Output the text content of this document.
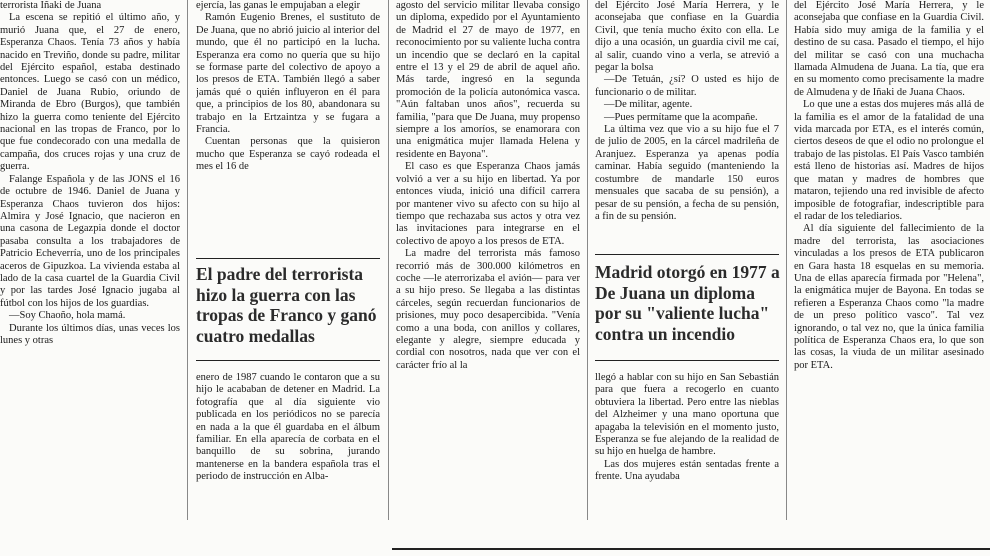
terrorista Iñaki de Juana

La escena se repitió el último año, y murió Juana que, el 27 de enero, Esperanza Chaos. Tenía 73 años y había nacido en Treviño, donde su padre, militar del Ejército español, estaba destinado entonces. Luego se casó con un médico, Daniel de Juana Rubio, oriundo de Miranda de Ebro (Burgos), que también hizo la guerra como teniente del Ejército nacional en las tropas de Franco, por lo que fue condecorado con una medalla de campaña, dos cruces rojas y una cruz de guerra.

Falange Española y de las JONS el 16 de octubre de 1946. Daniel de Juana y Esperanza Chaos tuvieron dos hijos: Almira y José Ignacio, que nacieron en una casona de Legazpia donde el doctor pasaba consulta a los trabajadores de Patricio Echeverría, uno de los principales aceros de Gipuzkoa. La vivienda estaba al lado de la casa cuartel de la Guardia Civil y por las tardes José Ignacio jugaba al fútbol con los hijos de los guardias.

—Soy Chaoño, hola mamá.

Durante los últimos días, unas veces los lunes y otras

ejercía, las ganas le empujaban a elegir

Ramón Eugenio Brenes, el sustituto de De Juana, que no abrió juicio al interior del mundo, que él no participó en la lucha. Esperanza era como no quería que su hijo se formase parte del colectivo de apoyo a los presos de ETA. También llegó a saber jamás qué o quién influyeron en él para que, a principios de los 80, abandonara su trabajo en la Ertzaintza y se fugara a Francia.

Cuentan personas que la quisieron mucho que Esperanza se cayó rodeada el mes el 16 de

El padre del terrorista hizo la guerra con las tropas de Franco y ganó cuatro medallas

enero de 1987 cuando le contaron que a su hijo le acababan de detener en Madrid. La fotografía que al día siguiente vio publicada en los periódicos no se parecía en nada a la que él guardaba en el álbum familiar. En ella aparecía de corbata en el banquillo de su sobrina, jurando mantenerse en la bandera española tras el periodo de instrucción en Alba-

agosto del servicio militar llevaba consigo un diploma, expedido por el Ayuntamiento de Madrid el 27 de mayo de 1977, en reconocimiento por su valiente lucha contra un incendio que se declaró en la capital entre el 13 y el 29 de abril de aquel año. Más tarde, ingresó en la segunda promoción de la policía autonómica vasca. "Aún faltaban unos años", recuerda su familia, "para que De Juana, muy propenso siempre a los amoríos, se enamorara con una enigmática mujer llamada Helena y residente en Bayona".

El caso es que Esperanza Chaos jamás volvió a ver a su hijo en libertad. Ya por entonces viuda, inició una difícil carrera por mantener vivo su afecto con su hijo al tiempo que rechazaba sus actos y otra vez las invitaciones para integrarse en el colectivo de apoyo a los presos de ETA.

La madre del terrorista más famoso recorrió más de 300.000 kilómetros en coche —le aterrorizaba el avión— para ver a su hijo preso. Se llegaba a las distintas cárceles, según recuerdan funcionarios de prisiones, muy poco desapercibida. "Venía como a una boda, con anillos y collares, elegante y alegre, siempre educada y cordial con nosotros, nada que ver con el carácter frío al la

del Ejército José María Herrera, y le aconsejaba que confiase en la Guardia Civil, que tenía mucho éxito con ella. Le dijo a una ocasión, un guardia civil me caí, al salir, cuando vino a verla, se atrevió a pegar la bolsa

—De Tetuán, ¿sí? O usted es hijo de funcionario o de militar.

—De militar, agente.

—Pues permítame que la acompañe.

La última vez que vio a su hijo fue el 7 de julio de 2005, en la cárcel madrileña de Aranjuez. Esperanza ya apenas podía caminar. Había seguido (manteniendo la costumbre de mandarle 150 euros mensuales que sacaba de su pensión), a pesar de su pensión, a fecha de su pensión, a fin de su pensión.

Madrid otorgó en 1977 a De Juana un diploma por su "valiente lucha" contra un incendio

llegó a hablar con su hijo en San Sebastián para que fuera a recogerlo en cuanto obtuviera la libertad. Pero entre las nieblas del Alzheimer y una mano oportuna que apagaba la televisión en el momento justo, Esperanza se fue alejando de la realidad de su hijo en huelga de hambre.

Las dos mujeres están sentadas frente a frente. Una ayudaba

del Ejército José María Herrera, y le aconsejaba que confiase en la Guardia Civil. Había sido muy amiga de la familia y el destino de su casa. Pasado el tiempo, el hijo del militar se casó con una muchacha llamada Almudena de Juana. La tía, que era en su momento como precisamente la madre de Almudena y de Iñaki de Juana Chaos.

Lo que une a estas dos mujeres más allá de la familia es el amor de la fatalidad de una vida marcada por ETA, es el interés común, ciertos deseos de que el odio no prolongue el trabajo de las pistolas. El País Vasco también está lleno de historias así. Madres de hijos que matan y madres de hombres que mataron, tejiendo una red invisible de afecto imposible de fotografiar, indescriptible para el radar de los telediarios.

Al día siguiente del fallecimiento de la madre del terrorista, las asociaciones vinculadas a los presos de ETA publicaron en Gara hasta 18 esquelas en su memoria. Una de ellas aparecía firmada por "Helena", la enigmática mujer de Bayona. En todas se refieren a Esperanza Chaos como "la madre de un preso político vasco". Tal vez ignorando, o tal vez no, que la única familia política de Esperanza Chaos era, lo que son las cosas, la viuda de un militar asesinado por ETA.
